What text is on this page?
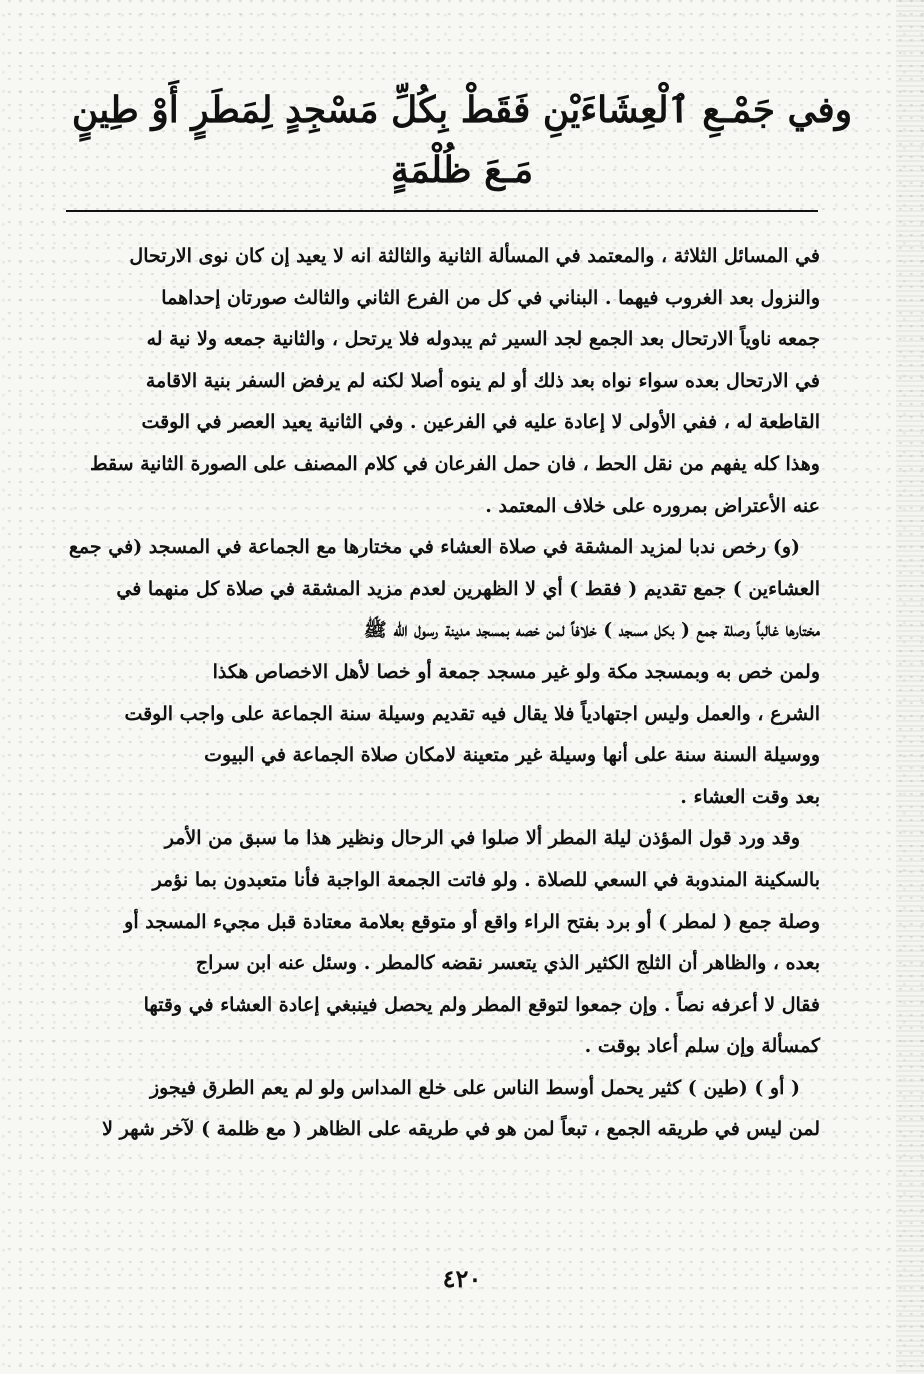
وفي جَمْـعِ ٱلْعِشَاءَيْنِ فَقَطْ بِكُلِّ مَسْجِدٍ لِمَطَرٍ أَوْ طِينٍ
مَـعَ ظُلْمَةٍ

في المسائل الثلاثة ، والمعتمد في المسألة الثانية والثالثة انه لا يعيد إن كان نوى الارتحال

والنزول بعد الغروب فيهما . البناني في كل من الفرع الثاني والثالث صورتان إحداهما

جمعه ناوياً الارتحال بعد الجمع لجد السير ثم يبدوله فلا يرتحل ، والثانية جمعه ولا نية له

في الارتحال بعده سواء نواه بعد ذلك أو لم ينوه أصلا لكنه لم يرفض السفر بنية الاقامة

القاطعة له ، ففي الأولى لا إعادة عليه في الفرعين . وفي الثانية يعيد العصر في الوقت

وهذا كله يفهم من نقل الحط ، فان حمل الفرعان في كلام المصنف على الصورة الثانية سقط

عنه الأعتراض بمروره على خلاف المعتمد .

(و) رخص ندبا لمزيد المشقة في صلاة العشاء في مختارها مع الجماعة في المسجد (في جمع

العشاءين ) جمع تقديم ( فقط ) أي لا الظهرين لعدم مزيد المشقة في صلاة كل منهما في

مختارها غالباً وصلة جمع ( بكل مسجد ) خلافاً لمن خصه بمسجد مدينة رسول الله ﷺ

ولمن خص به وبمسجد مكة ولو غير مسجد جمعة أو خصا لأهل الاخصاص هكذا

الشرع ، والعمل وليس اجتهادياً فلا يقال فيه تقديم وسيلة سنة الجماعة على واجب الوقت

ووسيلة السنة سنة على أنها وسيلة غير متعينة لامكان صلاة الجماعة في البيوت

بعد وقت العشاء .

وقد ورد قول المؤذن ليلة المطر ألا صلوا في الرحال ونظير هذا ما سبق من الأمر

بالسكينة المندوبة في السعي للصلاة . ولو فاتت الجمعة الواجبة فأنا متعبدون بما نؤمر

وصلة جمع ( لمطر ) أو برد بفتح الراء واقع أو متوقع بعلامة معتادة قبل مجيء المسجد أو

بعده ، والظاهر أن الثلج الكثير الذي يتعسر نقضه كالمطر . وسئل عنه ابن سراج

فقال لا أعرفه نصاً . وإن جمعوا لتوقع المطر ولم يحصل فينبغي إعادة العشاء في وقتها

كمسألة وإن سلم أعاد بوقت .

( أو ) (طين ) كثير يحمل أوسط الناس على خلع المداس ولو لم يعم الطرق فيجوز

لمن ليس في طريقه الجمع ، تبعاً لمن هو في طريقه على الظاهر ( مع ظلمة ) لآخر شهر لا

٤٢٠
